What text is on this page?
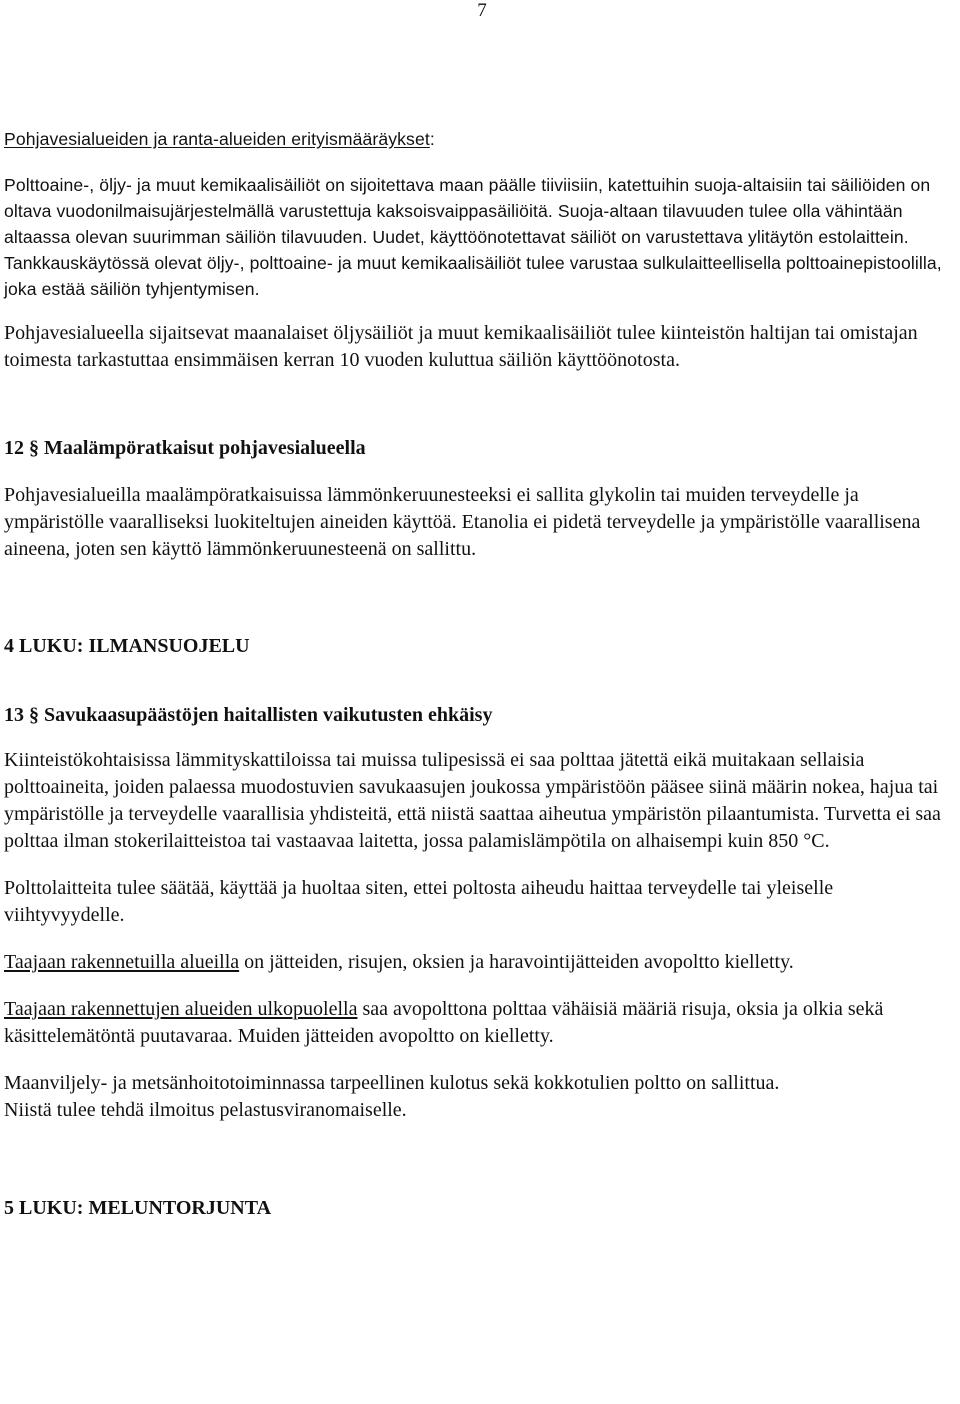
7

Pohjavesialueiden ja ranta-alueiden erityismääräykset:

Polttoaine-, öljy- ja muut kemikaalisäiliöt on sijoitettava maan päälle tiiviisiin, katettuihin suoja-altaisiin tai säiliöiden on oltava vuodonilmaisujärjestelmällä varustettuja kaksoisvaippasäiliöitä. Suoja-altaan tilavuuden tulee olla vähintään altaassa olevan suurimman säiliön tilavuuden. Uudet, käyttöönotettavat säiliöt on varustettava ylitäytön estolaittein. Tankkauskäytössä olevat öljy-, polttoaine- ja muut kemikaalisäiliöt tulee varustaa sulkulaitteellisella polttoainepistoolilla, joka estää säiliön tyhjentymisen.

Pohjavesialueella sijaitsevat maanalaiset öljysäiliöt ja muut kemikaalisäiliöt tulee kiinteistön haltijan tai omistajan toimesta tarkastuttaa ensimmäisen kerran 10 vuoden kuluttua säiliön käyttöönotosta.

12 § Maalämpöratkaisut pohjavesialueella

Pohjavesialueilla maalämpöratkaisuissa lämmönkeruunesteeksi ei sallita glykolin tai muiden terveydelle ja ympäristölle vaaralliseksi luokiteltujen aineiden käyttöä. Etanolia ei pidetä terveydelle ja ympäristölle vaarallisena aineena, joten sen käyttö lämmönkeruunesteenä on sallittu.

4 LUKU: ILMANSUOJELU

13 § Savukaasupäästöjen haitallisten vaikutusten ehkäisy

Kiinteistökohtaisissa lämmityskattiloissa tai muissa tulipesissä ei saa polttaa jätettä eikä muitakaan sellaisia polttoaineita, joiden palaessa muodostuvien savukaasujen joukossa ympäristöön pääsee siinä määrin nokea, hajua tai ympäristölle ja terveydelle vaarallisia yhdisteitä, että niistä saattaa aiheutua ympäristön pilaantumista. Turvetta ei saa polttaa ilman stokerilaitteistoa tai vastaavaa laitetta, jossa palamislämpötila on alhaisempi kuin 850 °C.

Polttolaitteita tulee säätää, käyttää ja huoltaa siten, ettei poltosta aiheudu haittaa terveydelle tai yleiselle viihtyvyydelle.

Taajaan rakennetuilla alueilla on jätteiden, risujen, oksien ja haravointijätteiden avopoltto kielletty.

Taajaan rakennettujen alueiden ulkopuolella saa avopolttona polttaa vähäisiä määriä risuja, oksia ja olkia sekä käsittelemätöntä puutavaraa. Muiden jätteiden avopoltto on kielletty.

Maanviljely- ja metsänhoitotoiminnassa tarpeellinen kulotus sekä kokkotulien poltto on sallittua.
Niistä tulee tehdä ilmoitus pelastusviranomaiselle.

5 LUKU: MELUNTORJUNTA
